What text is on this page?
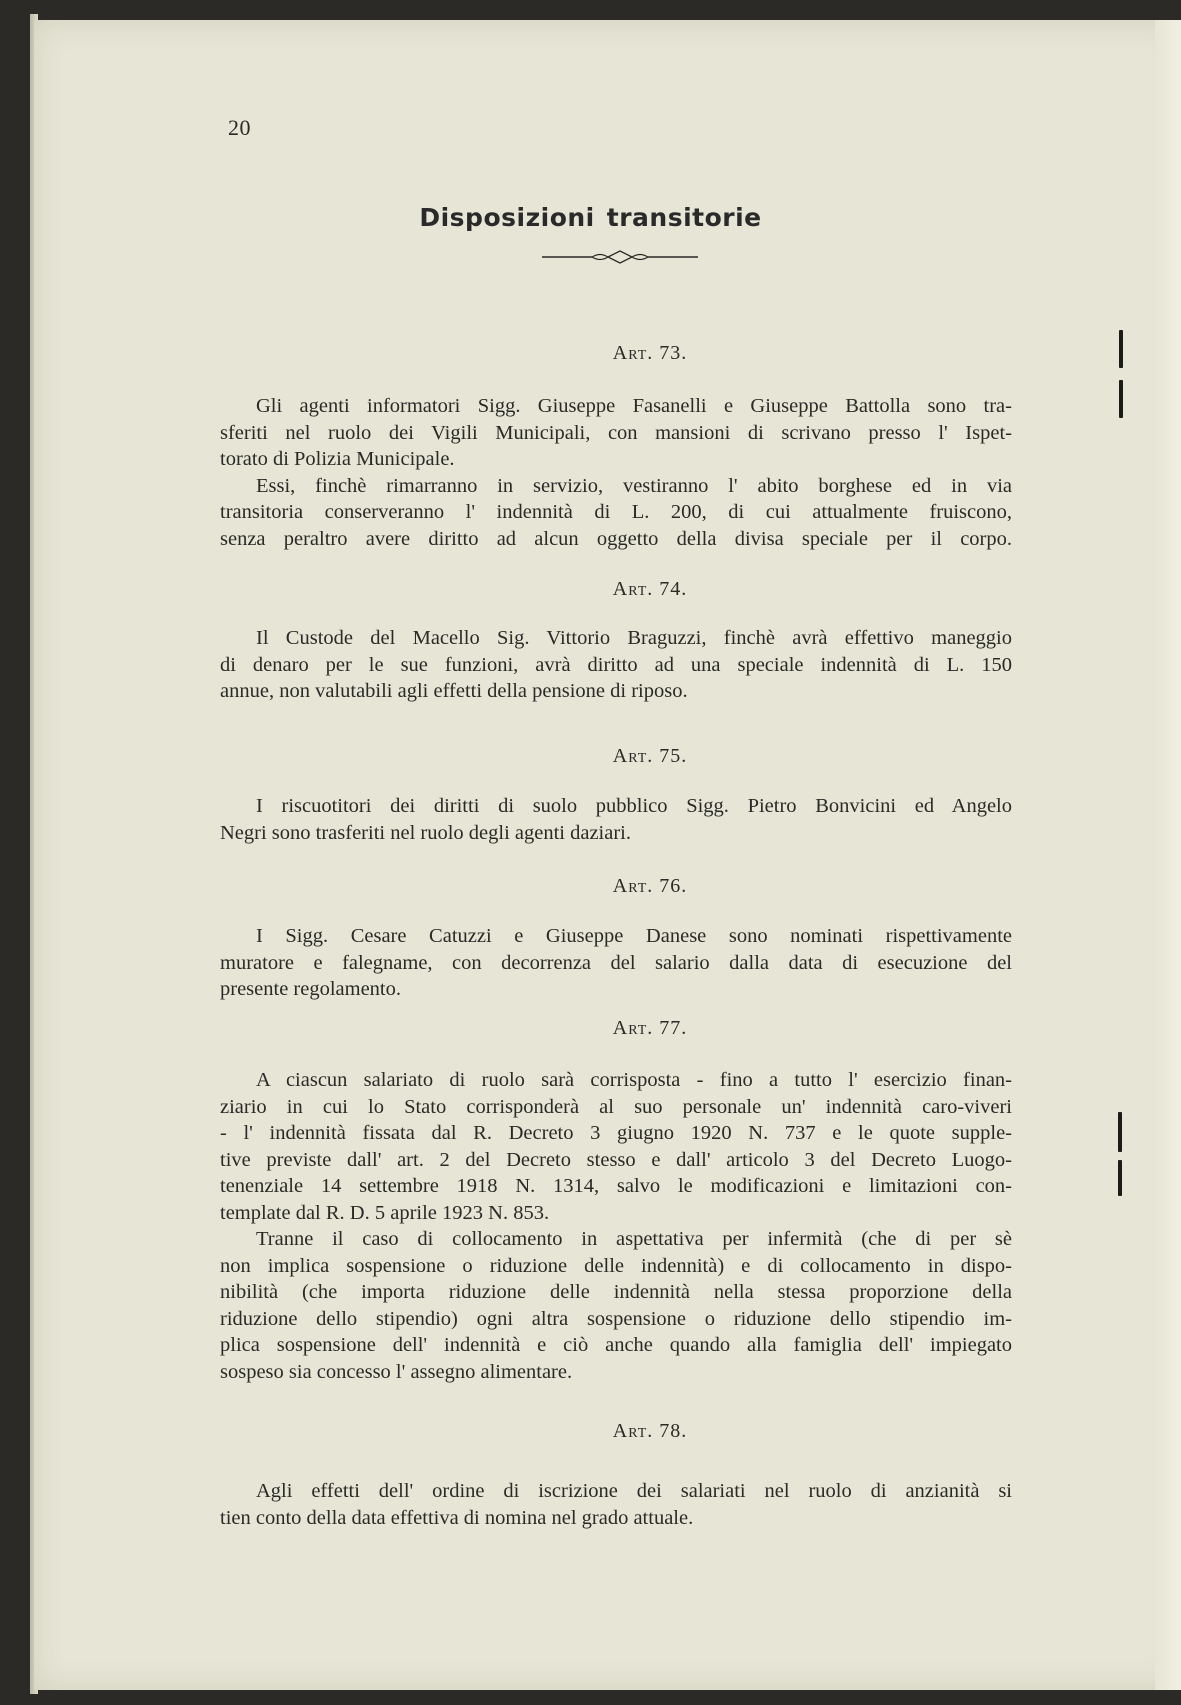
20
Disposizioni transitorie
Art. 73.
Gli agenti informatori Sigg. Giuseppe Fasanelli e Giuseppe Battolla sono tra-
sferiti nel ruolo dei Vigili Municipali, con mansioni di scrivano presso l' Ispet-
torato di Polizia Municipale.
Essi, finchè rimarranno in servizio, vestiranno l' abito borghese ed in via
transitoria conserveranno l' indennità di L. 200, di cui attualmente fruiscono,
senza peraltro avere diritto ad alcun oggetto della divisa speciale per il corpo.
Art. 74.
Il Custode del Macello Sig. Vittorio Braguzzi, finchè avrà effettivo maneggio
di denaro per le sue funzioni, avrà diritto ad una speciale indennità di L. 150
annue, non valutabili agli effetti della pensione di riposo.
Art. 75.
I riscuotitori dei diritti di suolo pubblico Sigg. Pietro Bonvicini ed Angelo
Negri sono trasferiti nel ruolo degli agenti daziari.
Art. 76.
I Sigg. Cesare Catuzzi e Giuseppe Danese sono nominati rispettivamente
muratore e falegname, con decorrenza del salario dalla data di esecuzione del
presente regolamento.
Art. 77.
A ciascun salariato di ruolo sarà corrisposta - fino a tutto l' esercizio finan-
ziario in cui lo Stato corrisponderà al suo personale un' indennità caro-viveri
- l' indennità fissata dal R. Decreto 3 giugno 1920 N. 737 e le quote supple-
tive previste dall' art. 2 del Decreto stesso e dall' articolo 3 del Decreto Luogo-
tenenziale 14 settembre 1918 N. 1314, salvo le modificazioni e limitazioni con-
template dal R. D. 5 aprile 1923 N. 853.
Tranne il caso di collocamento in aspettativa per infermità (che di per sè
non implica sospensione o riduzione delle indennità) e di collocamento in dispo-
nibilità (che importa riduzione delle indennità nella stessa proporzione della
riduzione dello stipendio) ogni altra sospensione o riduzione dello stipendio im-
plica sospensione dell' indennità e ciò anche quando alla famiglia dell' impiegato
sospeso sia concesso l' assegno alimentare.
Art. 78.
Agli effetti dell' ordine di iscrizione dei salariati nel ruolo di anzianità si
tien conto della data effettiva di nomina nel grado attuale.
